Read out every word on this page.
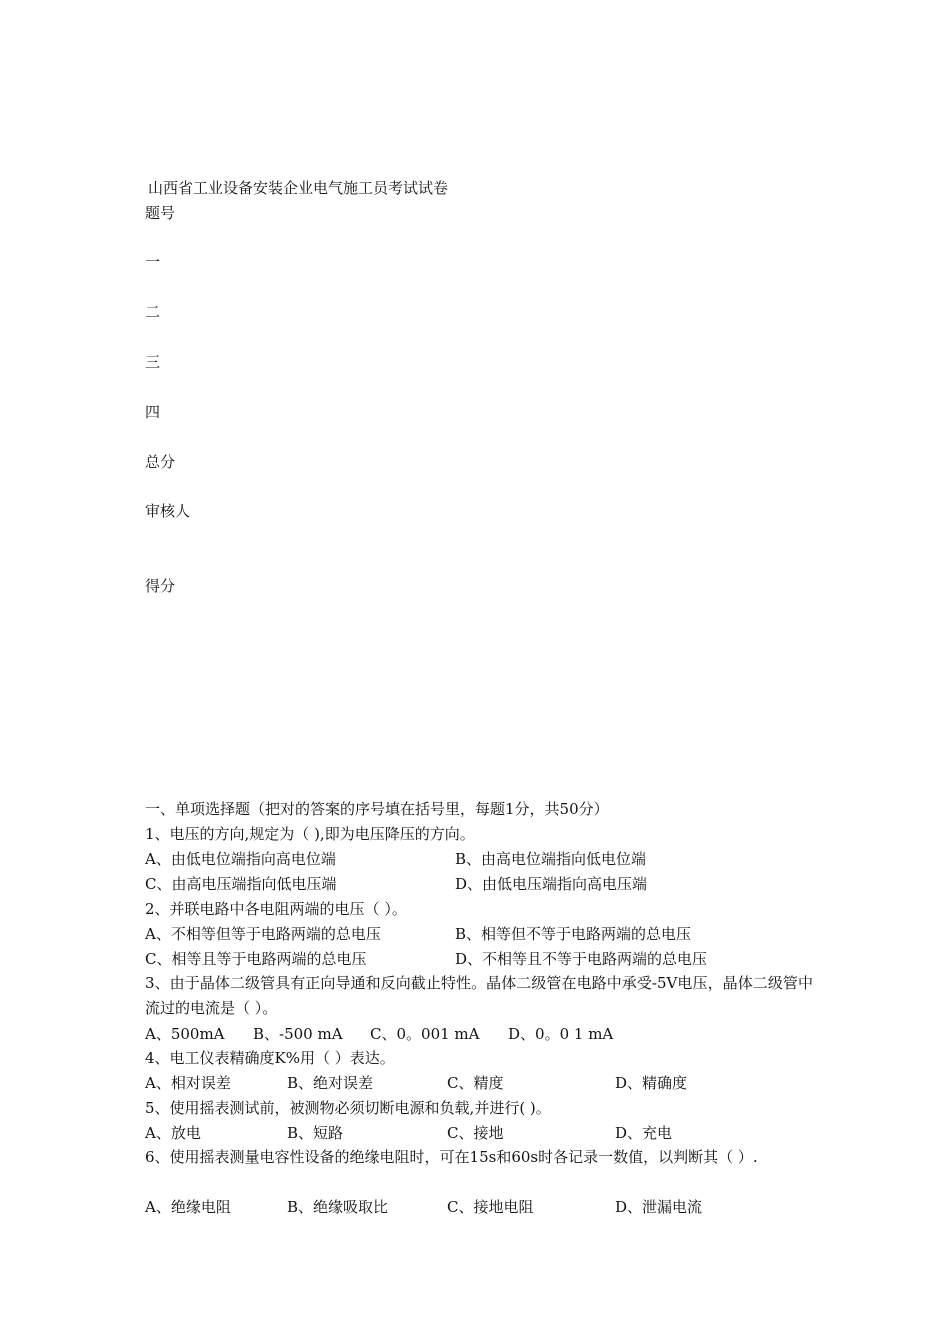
山西省工业设备安装企业电气施工员考试试卷
题号
一
二
三
四
总分
审核人
得分
一、单项选择题（把对的答案的序号填在括号里，每题1分，共50分）
1、电压的方向,规定为（ ),即为电压降压的方向。
A、由低电位端指向高电位端	B、由高电位端指向低电位端
C、由高电压端指向低电压端	D、由低电压端指向高电压端
2、并联电路中各电阻两端的电压（ ）。
A、不相等但等于电路两端的总电压	B、相等但不等于电路两端的总电压
C、相等且等于电路两端的总电压	D、不相等且不等于电路两端的总电压
3、由于晶体二级管具有正向导通和反向截止特性。晶体二级管在电路中承受-5V电压，晶体二级管中流过的电流是（ ）。
A、500mA B、-500 mA C、0。001 mA D、0。0 1 mA
4、电工仪表精确度K%用（ ）表达。
A、相对误差	B、绝对误差	C、精度	D、精确度
5、使用摇表测试前，被测物必须切断电源和负载,并进行( )。
A、放电	B、短路	C、接地	D、充电
6、使用摇表测量电容性设备的绝缘电阻时，可在15s和60s时各记录一数值，以判断其（ ）.
A、绝缘电阻	B、绝缘吸取比	C、接地电阻	D、泄漏电流
